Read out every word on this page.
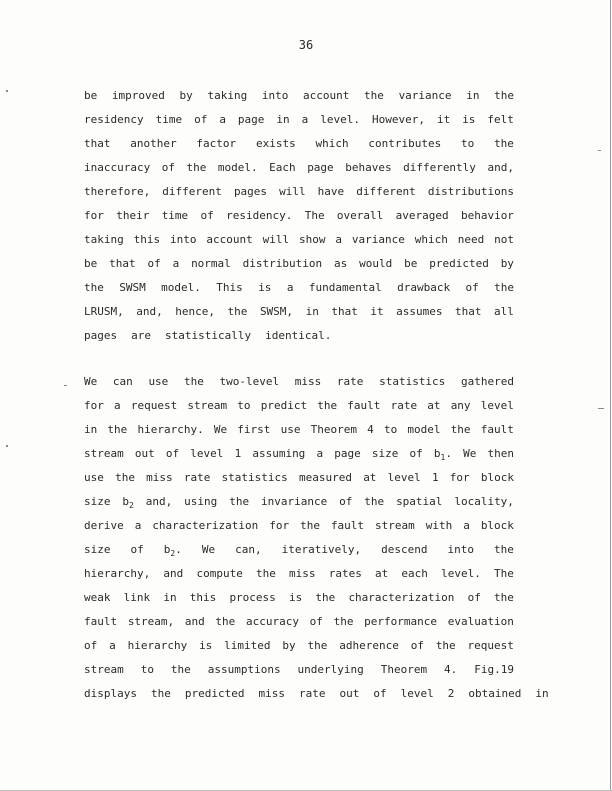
36
be improved by taking into account the variance in the
residency time of a page in a level. However, it is felt
that another factor exists which contributes to the
inaccuracy of the model. Each page behaves differently and,
therefore, different pages will have different distributions
for their time of residency. The overall averaged behavior
taking this into account will show a variance which need not
be that of a normal distribution as would be predicted by
the SWSM model. This is a fundamental drawback of the
LRUSM, and, hence, the SWSM, in that it assumes that all
pages	are	statistically	identical.
We can use the two-level miss rate statistics gathered
for a request stream to predict the fault rate at any level
in the hierarchy. We first use Theorem 4 to model the fault
stream out of level 1 assuming a page size of $b_1$. We then
use the miss rate statistics measured at level 1 for block
size $b_2$ and, using the invariance of the spatial locality,
derive a characterization for the fault stream with a block
size of $b_2$. We can, iteratively, descend into the
hierarchy, and compute the miss rates at each level. The
weak link in this process is the characterization of the
fault stream, and the accuracy of the performance evaluation
of a hierarchy is limited by the adherence of the request
stream to the assumptions underlying Theorem 4. Fig.19
displays	the	predicted	miss	rate	out	of	level	2	obtained	in
